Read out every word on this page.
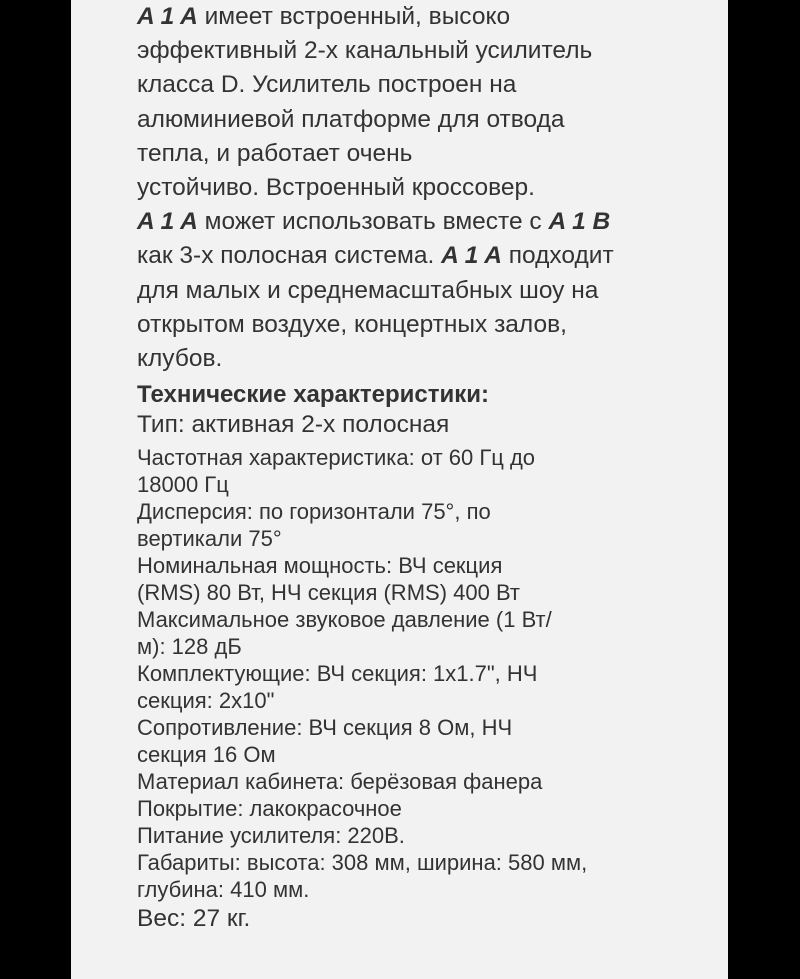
A 1 A имеет встроенный, высоко
эффективный 2-х канальный усилитель
класса D. Усилитель построен на
алюминиевой платформе для отвода
тепла, и работает очень
устойчиво. Встроенный кроссовер.
A 1 A может использовать вместе с A 1 B
как 3-х полосная система. A 1 A подходит
для малых и среднемасштабных шоу на
открытом воздухе, концертных залов,
клубов.

Технические характеристики:

Тип: активная 2-х полосная

Частотная характеристика: от 60 Гц до
18000 Гц

Дисперсия: по горизонтали 75°, по
вертикали 75°

Номинальная мощность: ВЧ секция
(RMS) 80 Вт, НЧ секция (RMS) 400 Вт

Максимальное звуковое давление (1 Вт/
м): 128 дБ

Комплектующие: ВЧ секция: 1x1.7", НЧ
секция: 2x10"

Сопротивление: ВЧ секция 8 Ом, НЧ
секция 16 Ом

Материал кабинета: берёзовая фанера

Покрытие: лакокрасочное

Питание усилителя: 220В.

Габариты: высота: 308 мм, ширина: 580 мм,
глубина: 410 мм.

Вес: 27 кг.
